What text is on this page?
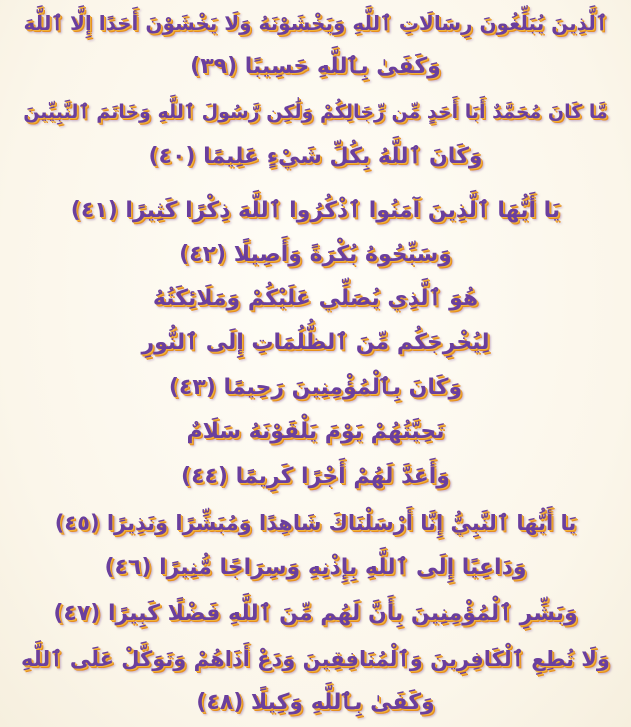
ٱلَّذِينَ يُبَلِّغُونَ رِسَالَاتِ ٱللَّهِ وَيَخْشَوْنَهُ وَلَا يَخْشَوْنَ أَحَدًا إِلَّا ٱللَّهَ
وَكَفَىٰ بِٱللَّهِ حَسِيبًا (٣٩)
مَّا كَانَ مُحَمَّدٌ أَبَا أَحَدٍ مِّن رِّجَالِكُمْ وَلَٰكِن رَّسُولَ ٱللَّهِ وَخَاتَمَ ٱلنَّبِيِّينَ
وَكَانَ ٱللَّهُ بِكُلِّ شَيْءٍ عَلِيمًا (٤٠)
يَا أَيُّهَا ٱلَّذِينَ آمَنُوا ٱذْكُرُوا ٱللَّهَ ذِكْرًا كَثِيرًا (٤١)
وَسَبِّحُوهُ بُكْرَةً وَأَصِيلًا (٤٢)
هُوَ ٱلَّذِي يُصَلِّي عَلَيْكُمْ وَمَلَائِكَتُهُ
لِيُخْرِجَكُم مِّنَ ٱلظُّلُمَاتِ إِلَى ٱلنُّورِ
وَكَانَ بِٱلْمُؤْمِنِينَ رَحِيمًا (٤٣)
تَحِيَّتُهُمْ يَوْمَ يَلْقَوْنَهُ سَلَامٌ
وَأَعَدَّ لَهُمْ أَجْرًا كَرِيمًا (٤٤)
يَا أَيُّهَا ٱلنَّبِيُّ إِنَّا أَرْسَلْنَاكَ شَاهِدًا وَمُبَشِّرًا وَنَذِيرًا (٤٥)
وَدَاعِيًا إِلَى ٱللَّهِ بِإِذْنِهِ وَسِرَاجًا مُّنِيرًا (٤٦)
وَبَشِّرِ ٱلْمُؤْمِنِينَ بِأَنَّ لَهُم مِّنَ ٱللَّهِ فَضْلًا كَبِيرًا (٤٧)
وَلَا تُطِعِ ٱلْكَافِرِينَ وَٱلْمُنَافِقِينَ وَدَعْ أَذَاهُمْ وَتَوَكَّلْ عَلَى ٱللَّهِ
وَكَفَىٰ بِٱللَّهِ وَكِيلًا (٤٨)
